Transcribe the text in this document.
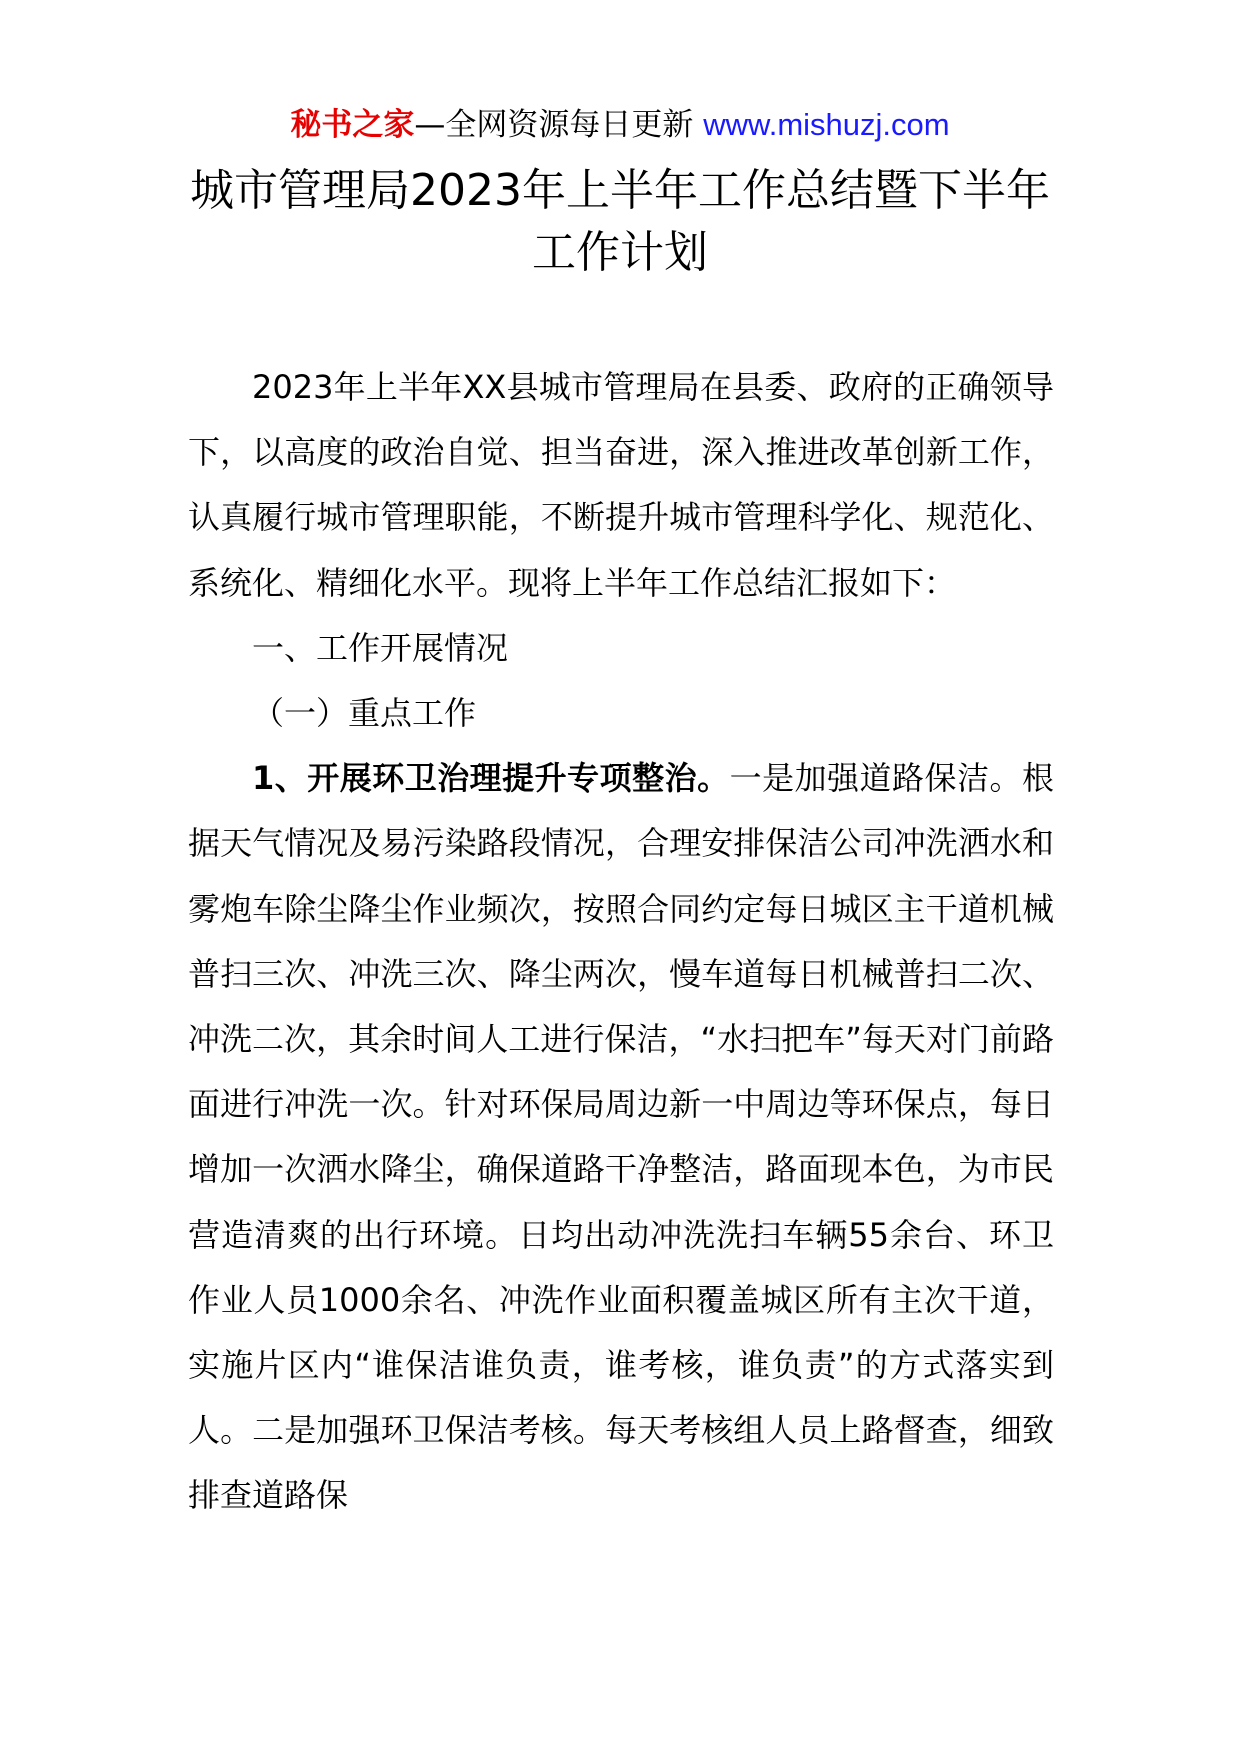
秘书之家—全网资源每日更新 www.mishuzj.com
城市管理局2023年上半年工作总结暨下半年工作计划

2023年上半年XX县城市管理局在县委、政府的正确领导下，以高度的政治自觉、担当奋进，深入推进改革创新工作，认真履行城市管理职能，不断提升城市管理科学化、规范化、系统化、精细化水平。现将上半年工作总结汇报如下：

一、工作开展情况

（一）重点工作

1、开展环卫治理提升专项整治。一是加强道路保洁。根据天气情况及易污染路段情况，合理安排保洁公司冲洗洒水和雾炮车除尘降尘作业频次，按照合同约定每日城区主干道机械普扫三次、冲洗三次、降尘两次，慢车道每日机械普扫二次、冲洗二次，其余时间人工进行保洁，“水扫把车”每天对门前路面进行冲洗一次。针对环保局周边新一中周边等环保点，每日增加一次洒水降尘，确保道路干净整洁，路面现本色，为市民营造清爽的出行环境。日均出动冲洗洗扫车辆55余台、环卫作业人员1000余名、冲洗作业面积覆盖城区所有主次干道，实施片区内“谁保洁谁负责，谁考核，谁负责”的方式落实到人。二是加强环卫保洁考核。每天考核组人员上路督查，细致排查道路保
